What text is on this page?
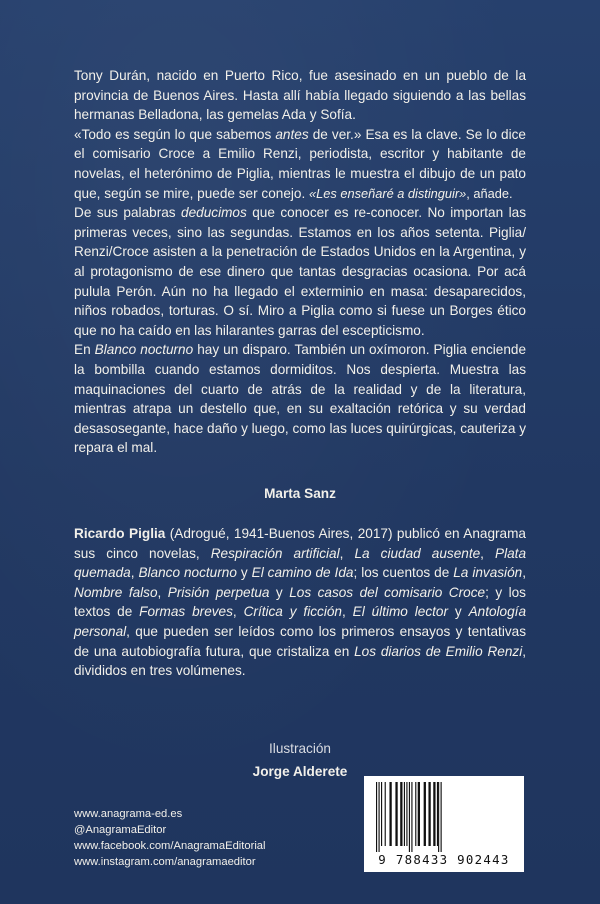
Tony Durán, nacido en Puerto Rico, fue asesinado en un pueblo de la provincia de Buenos Aires. Hasta allí había llegado siguiendo a las bellas hermanas Belladona, las gemelas Ada y Sofía.

«Todo es según lo que sabemos antes de ver.» Esa es la clave. Se lo dice el comisario Croce a Emilio Renzi, periodista, escritor y habitante de novelas, el heterónimo de Piglia, mientras le muestra el dibujo de un pato que, según se mire, puede ser conejo. «Les enseñaré a distinguir», añade.

De sus palabras deducimos que conocer es re-conocer. No importan las primeras veces, sino las segundas. Estamos en los años setenta. Piglia/ Renzi/Croce asisten a la penetración de Estados Unidos en la Argentina, y al protagonismo de ese dinero que tantas desgracias ocasiona. Por acá pulula Perón. Aún no ha llegado el exterminio en masa: desaparecidos, niños robados, torturas. O sí. Miro a Piglia como si fuese un Borges ético que no ha caído en las hilarantes garras del escepticismo.

En Blanco nocturno hay un disparo. También un oxímoron. Piglia enciende la bombilla cuando estamos dormiditos. Nos despierta. Muestra las maquinaciones del cuarto de atrás de la realidad y de la literatura, mientras atrapa un destello que, en su exaltación retórica y su verdad desasosegante, hace daño y luego, como las luces quirúrgicas, cauteriza y repara el mal.

Marta Sanz

Ricardo Piglia (Adrogué, 1941-Buenos Aires, 2017) publicó en Anagrama sus cinco novelas, Respiración artificial, La ciudad ausente, Plata quemada, Blanco nocturno y El camino de Ida; los cuentos de La invasión, Nombre falso, Prisión perpetua y Los casos del comisario Croce; y los textos de Formas breves, Crítica y ficción, El último lector y Antología personal, que pueden ser leídos como los primeros ensayos y tentativas de una autobiografía futura, que cristaliza en Los diarios de Emilio Renzi, divididos en tres volúmenes.

Ilustración
Jorge Alderete
www.anagrama-ed.es
@AnagramaEditor
www.facebook.com/AnagramaEditorial
www.instagram.com/anagramaeditor	9 788433 902443
